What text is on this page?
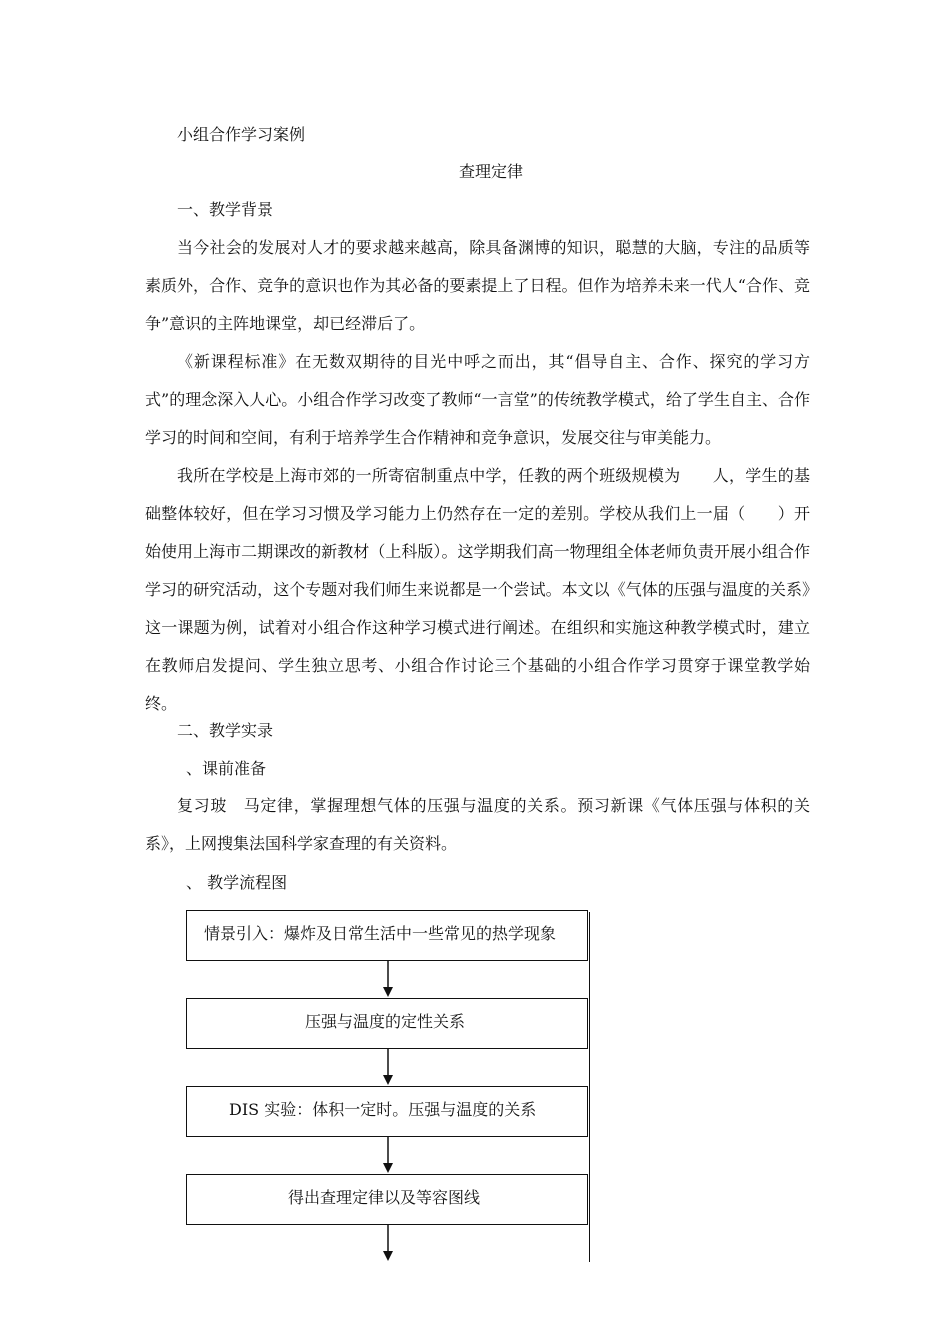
小组合作学习案例
查理定律
一、教学背景

当今社会的发展对人才的要求越来越高，除具备渊博的知识，聪慧的大脑，专注的品质等素质外，合作、竞争的意识也作为其必备的要素提上了日程。但作为培养未来一代人“合作、竞争”意识的主阵地课堂，却已经滞后了。

《新课程标准》在无数双期待的目光中呼之而出，其“倡导自主、合作、探究的学习方式”的理念深入人心。小组合作学习改变了教师“一言堂”的传统教学模式，给了学生自主、合作学习的时间和空间，有利于培养学生合作精神和竞争意识，发展交往与审美能力。

我所在学校是上海市郊的一所寄宿制重点中学，任教的两个班级规模为　　人，学生的基础整体较好，但在学习习惯及学习能力上仍然存在一定的差别。学校从我们上一届（　　）开始使用上海市二期课改的新教材（上科版）。这学期我们高一物理组全体老师负责开展小组合作学习的研究活动，这个专题对我们师生来说都是一个尝试。本文以《气体的压强与温度的关系》这一课题为例，试着对小组合作这种学习模式进行阐述。在组织和实施这种教学模式时，建立在教师启发提问、学生独立思考、小组合作讨论三个基础的小组合作学习贯穿于课堂教学始终。

二、教学实录
、课前准备

复习玻　马定律，掌握理想气体的压强与温度的关系。预习新课《气体压强与体积的关系》，上网搜集法国科学家查理的有关资料。

、 教学流程图
情景引入：爆炸及日常生活中一些常见的热学现象
压强与温度的定性关系
DIS 实验：体积一定时。压强与温度的关系
得出查理定律以及等容图线
